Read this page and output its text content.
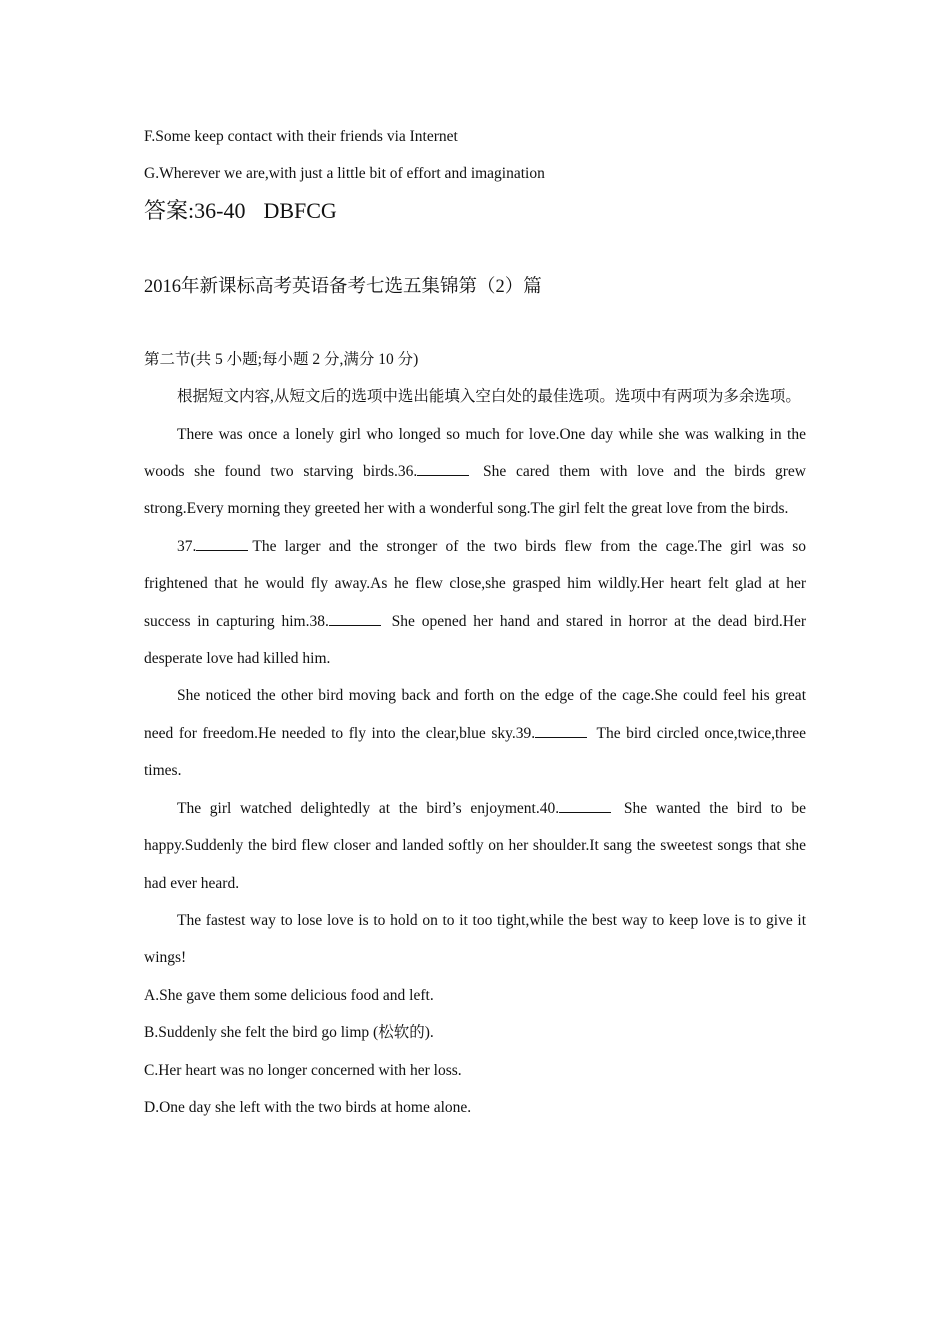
F.Some keep contact with their friends via Internet
G.Wherever we are,with just a little bit of effort and imagination
答案:36-40 DBFCG
2016年新课标高考英语备考七选五集锦第（2）篇
第二节(共 5 小题;每小题 2 分,满分 10 分)

根据短文内容,从短文后的选项中选出能填入空白处的最佳选项。选项中有两项为多余选项。

There was once a lonely girl who longed so much for love.One day while she was walking in the woods she found two starving birds.36.	She cared them with love and the birds grew strong.Every morning they greeted her with a wonderful song.The girl felt the great love from the birds.

37.	The larger and the stronger of the two birds flew from the cage.The girl was so frightened that he would fly away.As he flew close,she grasped him wildly.Her heart felt glad at her success in capturing him.38.	She opened her hand and stared in horror at the dead bird.Her desperate love had killed him.

She noticed the other bird moving back and forth on the edge of the cage.She could feel his great need for freedom.He needed to fly into the clear,blue sky.39.	The bird circled once,twice,three times.

The girl watched delightedly at the bird’s enjoyment.40.	She wanted the bird to be happy.Suddenly the bird flew closer and landed softly on her shoulder.It sang the sweetest songs that she had ever heard.

The fastest way to lose love is to hold on to it too tight,while the best way to keep love is to give it wings!

A.She gave them some delicious food and left.
B.Suddenly she felt the bird go limp (松软的).
C.Her heart was no longer concerned with her loss.
D.One day she left with the two birds at home alone.
